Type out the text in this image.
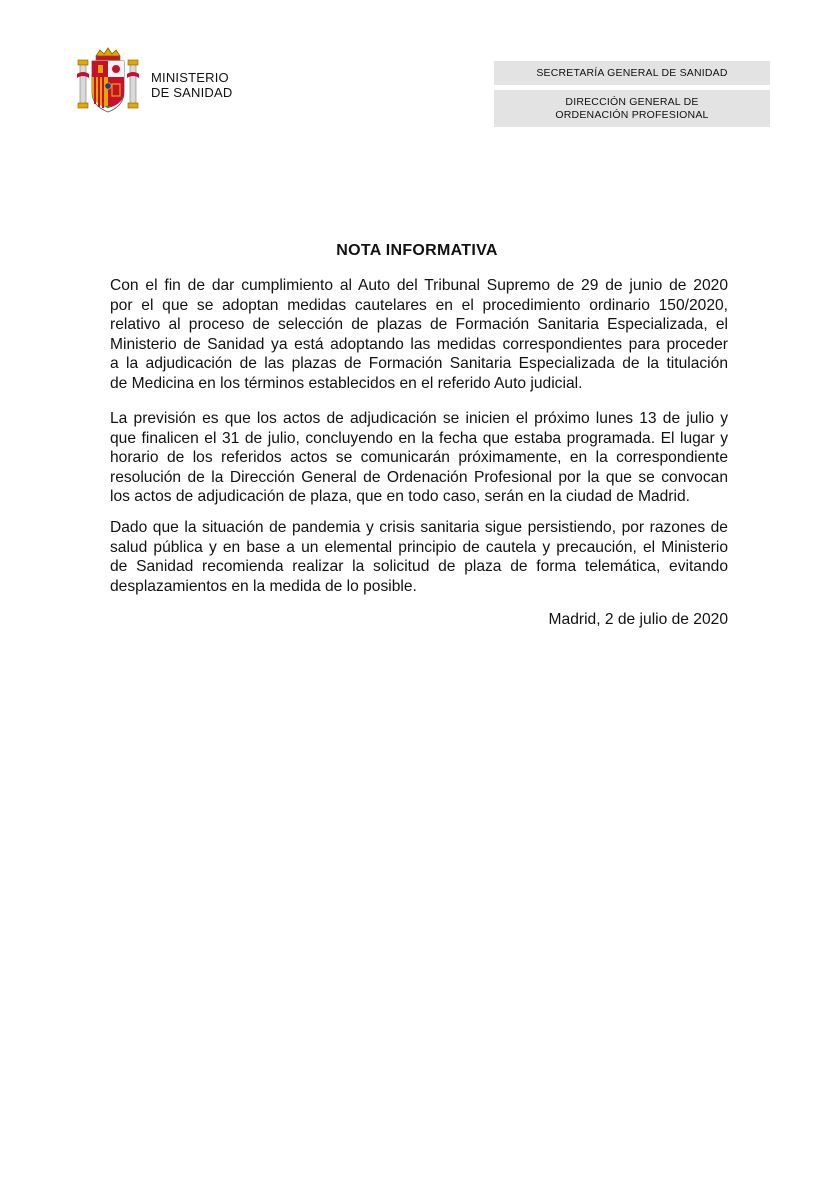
MINISTERIO
DE SANIDAD
SECRETARÍA GENERAL DE SANIDAD
DIRECCIÓN GENERAL DE
ORDENACIÓN PROFESIONAL
NOTA INFORMATIVA
Con el fin de dar cumplimiento al Auto del Tribunal Supremo de 29 de junio de 2020
por el que se adoptan medidas cautelares en el procedimiento ordinario 150/2020,
relativo al proceso de selección de plazas de Formación Sanitaria Especializada, el
Ministerio de Sanidad ya está adoptando las medidas correspondientes para proceder
a la adjudicación de las plazas de Formación Sanitaria Especializada de la titulación
de Medicina en los términos establecidos en el referido Auto judicial.
La previsión es que los actos de adjudicación se inicien el próximo lunes 13 de julio y
que finalicen el 31 de julio, concluyendo en la fecha que estaba programada. El lugar y
horario de los referidos actos se comunicarán próximamente, en la correspondiente
resolución de la Dirección General de Ordenación Profesional por la que se convocan
los actos de adjudicación de plaza, que en todo caso, serán en la ciudad de Madrid.
Dado que la situación de pandemia y crisis sanitaria sigue persistiendo, por razones de
salud pública y en base a un elemental principio de cautela y precaución, el Ministerio
de Sanidad recomienda realizar la solicitud de plaza de forma telemática, evitando
desplazamientos en la medida de lo posible.
Madrid, 2 de julio de 2020
